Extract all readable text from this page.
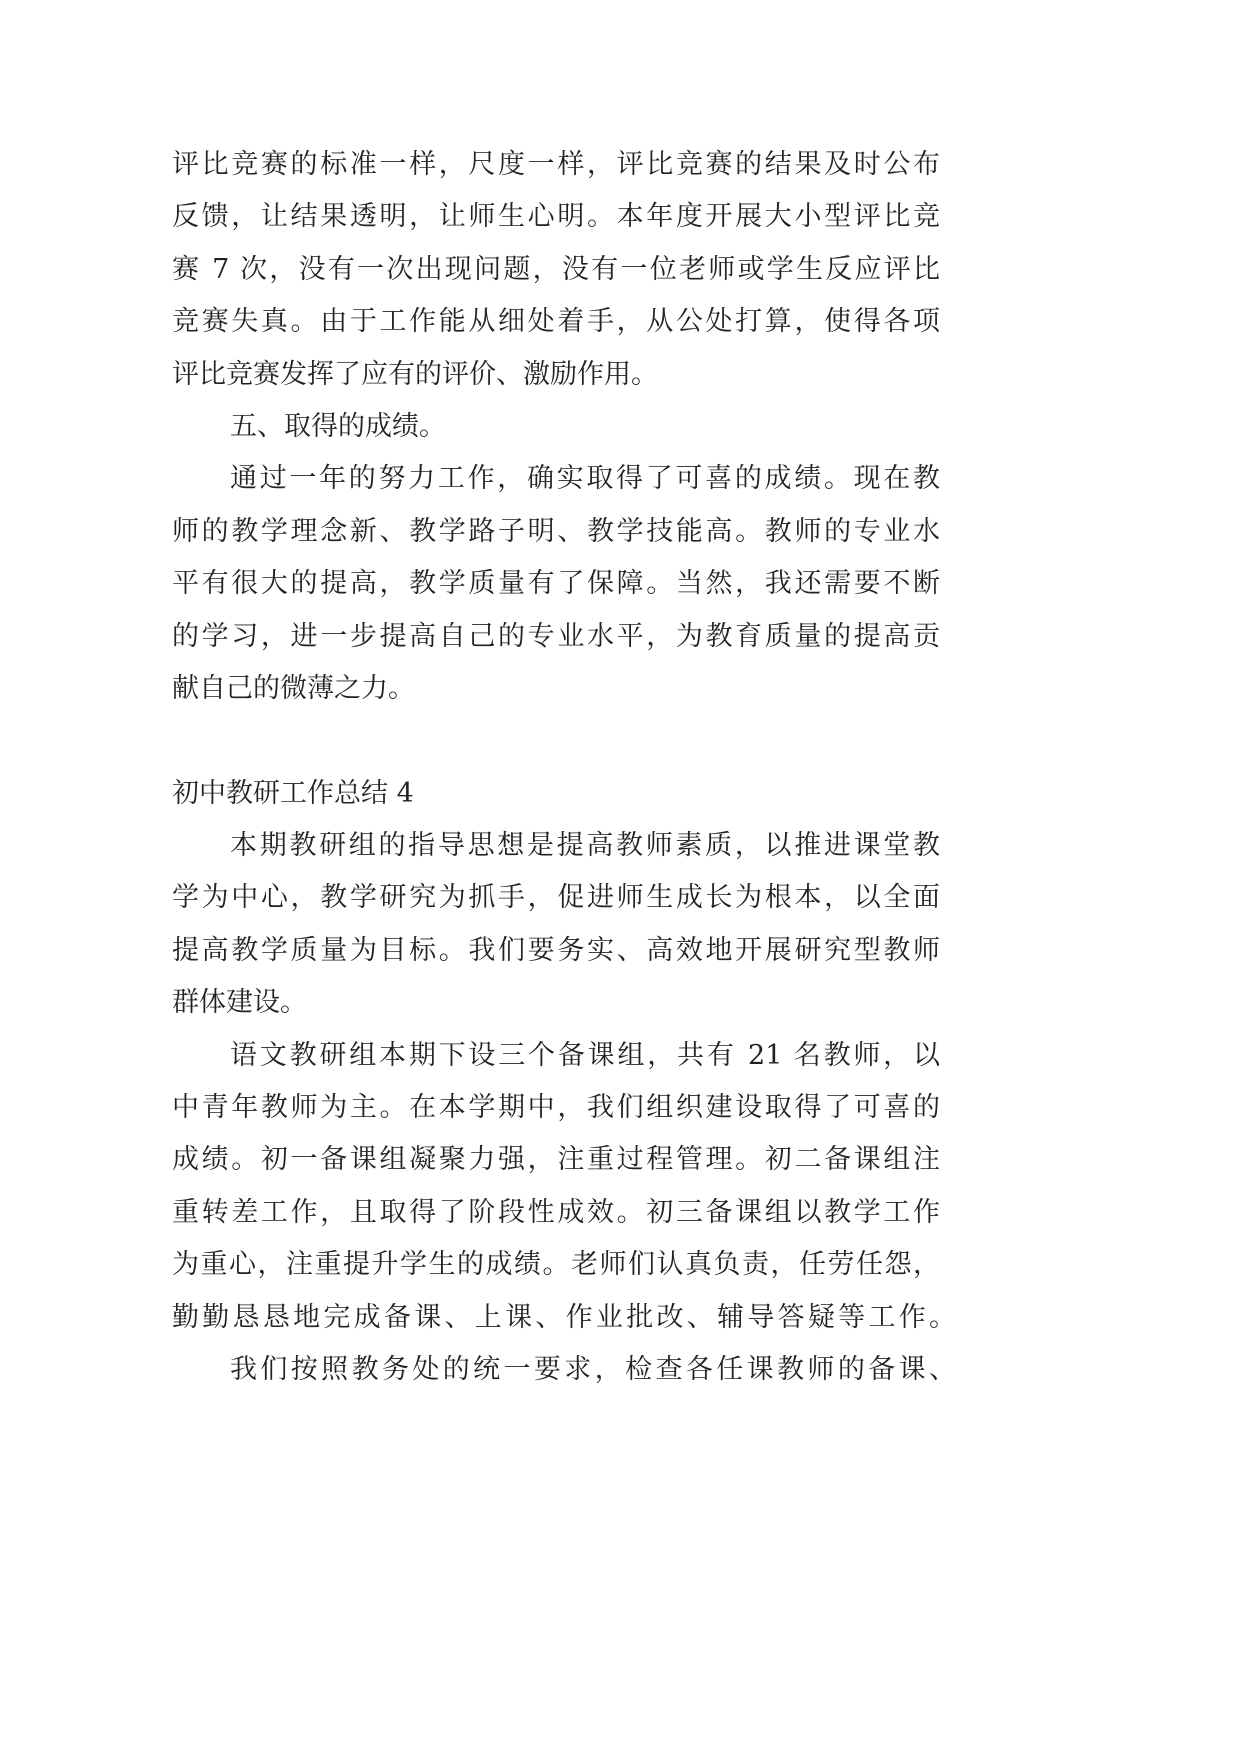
评比竞赛的标准一样，尺度一样，评比竞赛的结果及时公布
反馈，让结果透明，让师生心明。本年度开展大小型评比竞
赛 7 次，没有一次出现问题，没有一位老师或学生反应评比
竞赛失真。由于工作能从细处着手，从公处打算，使得各项
评比竞赛发挥了应有的评价、激励作用。
五、取得的成绩。
通过一年的努力工作，确实取得了可喜的成绩。现在教
师的教学理念新、教学路子明、教学技能高。教师的专业水
平有很大的提高，教学质量有了保障。当然，我还需要不断
的学习，进一步提高自己的专业水平，为教育质量的提高贡
献自己的微薄之力。
初中教研工作总结 4
本期教研组的指导思想是提高教师素质，以推进课堂教
学为中心，教学研究为抓手，促进师生成长为根本，以全面
提高教学质量为目标。我们要务实、高效地开展研究型教师
群体建设。
语文教研组本期下设三个备课组，共有 21 名教师，以
中青年教师为主。在本学期中，我们组织建设取得了可喜的
成绩。初一备课组凝聚力强，注重过程管理。初二备课组注
重转差工作，且取得了阶段性成效。初三备课组以教学工作
为重心，注重提升学生的成绩。老师们认真负责，任劳任怨，
勤勤恳恳地完成备课、上课、作业批改、辅导答疑等工作。
我们按照教务处的统一要求，检查各任课教师的备课、
